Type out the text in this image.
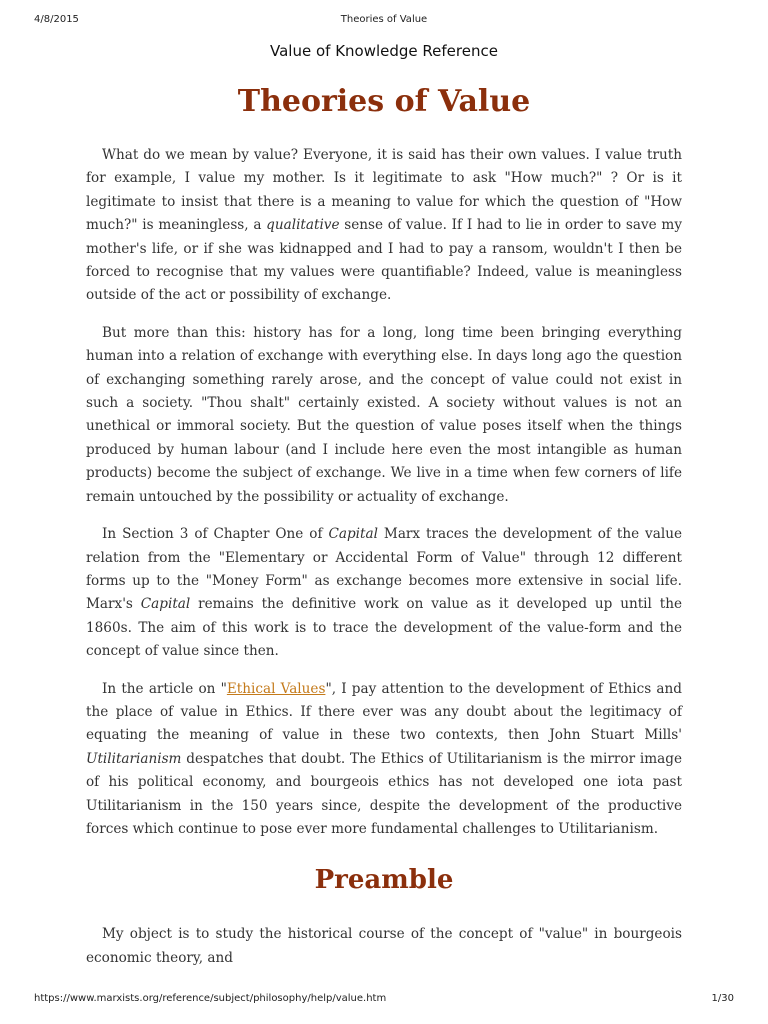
Theories of Value
4/8/2015
Value of Knowledge Reference
Theories of Value

What do we mean by value? Everyone, it is said has their own values. I value truth for example, I value my mother. Is it legitimate to ask "How much?" ? Or is it legitimate to insist that there is a meaning to value for which the question of "How much?" is meaningless, a qualitative sense of value. If I had to lie in order to save my mother's life, or if she was kidnapped and I had to pay a ransom, wouldn't I then be forced to recognise that my values were quantifiable? Indeed, value is meaningless outside of the act or possibility of exchange.

But more than this: history has for a long, long time been bringing everything human into a relation of exchange with everything else. In days long ago the question of exchanging something rarely arose, and the concept of value could not exist in such a society. "Thou shalt" certainly existed. A society without values is not an unethical or immoral society. But the question of value poses itself when the things produced by human labour (and I include here even the most intangible as human products) become the subject of exchange. We live in a time when few corners of life remain untouched by the possibility or actuality of exchange.

In Section 3 of Chapter One of Capital Marx traces the development of the value relation from the "Elementary or Accidental Form of Value" through 12 different forms up to the "Money Form" as exchange becomes more extensive in social life. Marx's Capital remains the definitive work on value as it developed up until the 1860s. The aim of this work is to trace the development of the value-form and the concept of value since then.

In the article on "Ethical Values", I pay attention to the development of Ethics and the place of value in Ethics. If there ever was any doubt about the legitimacy of equating the meaning of value in these two contexts, then John Stuart Mills' Utilitarianism despatches that doubt. The Ethics of Utilitarianism is the mirror image of his political economy, and bourgeois ethics has not developed one iota past Utilitarianism in the 150 years since, despite the development of the productive forces which continue to pose ever more fundamental challenges to Utilitarianism.

Preamble

My object is to study the historical course of the concept of "value" in bourgeois economic theory, and

https://www.marxists.org/reference/subject/philosophy/help/value.htm	1/30
